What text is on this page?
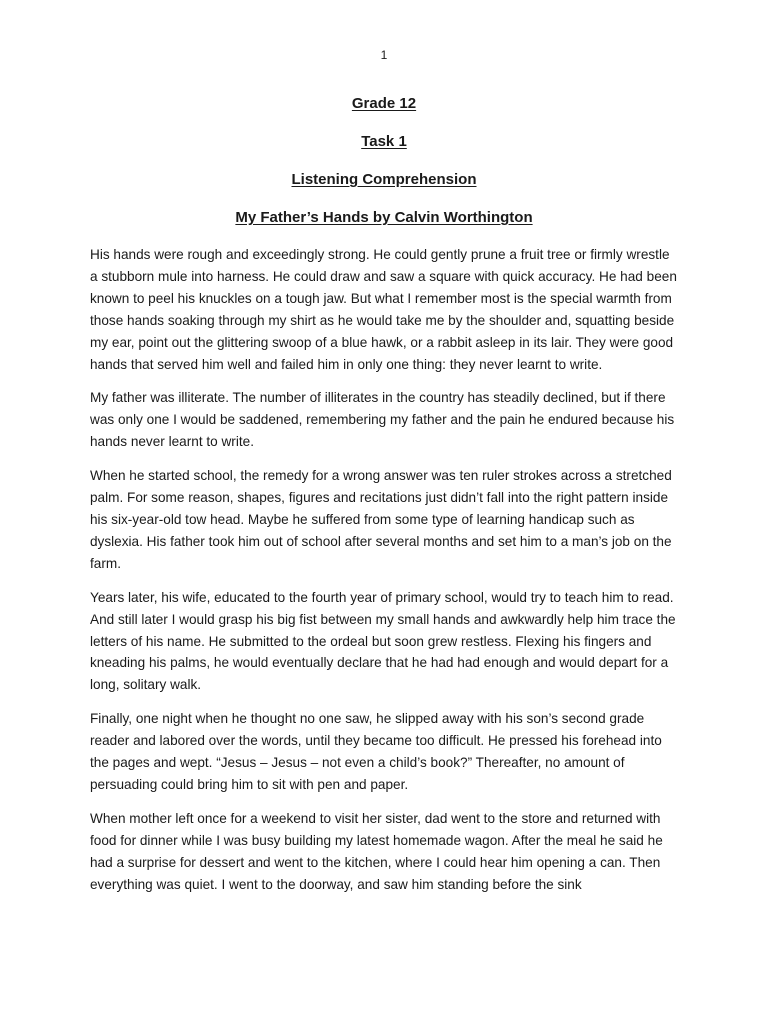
1
Grade 12
Task 1
Listening Comprehension
My Father’s Hands by Calvin Worthington

His hands were rough and exceedingly strong. He could gently prune a fruit tree or firmly wrestle a stubborn mule into harness. He could draw and saw a square with quick accuracy. He had been known to peel his knuckles on a tough jaw. But what I remember most is the special warmth from those hands soaking through my shirt as he would take me by the shoulder and, squatting beside my ear, point out the glittering swoop of a blue hawk, or a rabbit asleep in its lair. They were good hands that served him well and failed him in only one thing: they never learnt to write.

My father was illiterate. The number of illiterates in the country has steadily declined, but if there was only one I would be saddened, remembering my father and the pain he endured because his hands never learnt to write.

When he started school, the remedy for a wrong answer was ten ruler strokes across a stretched palm. For some reason, shapes, figures and recitations just didn’t fall into the right pattern inside his six-year-old tow head. Maybe he suffered from some type of learning handicap such as dyslexia. His father took him out of school after several months and set him to a man’s job on the farm.

Years later, his wife, educated to the fourth year of primary school, would try to teach him to read. And still later I would grasp his big fist between my small hands and awkwardly help him trace the letters of his name. He submitted to the ordeal but soon grew restless. Flexing his fingers and kneading his palms, he would eventually declare that he had had enough and would depart for a long, solitary walk.

Finally, one night when he thought no one saw, he slipped away with his son’s second grade reader and labored over the words, until they became too difficult. He pressed his forehead into the pages and wept. “Jesus – Jesus – not even a child’s book?” Thereafter, no amount of persuading could bring him to sit with pen and paper.

When mother left once for a weekend to visit her sister, dad went to the store and returned with food for dinner while I was busy building my latest homemade wagon. After the meal he said he had a surprise for dessert and went to the kitchen, where I could hear him opening a can. Then everything was quiet. I went to the doorway, and saw him standing before the sink
